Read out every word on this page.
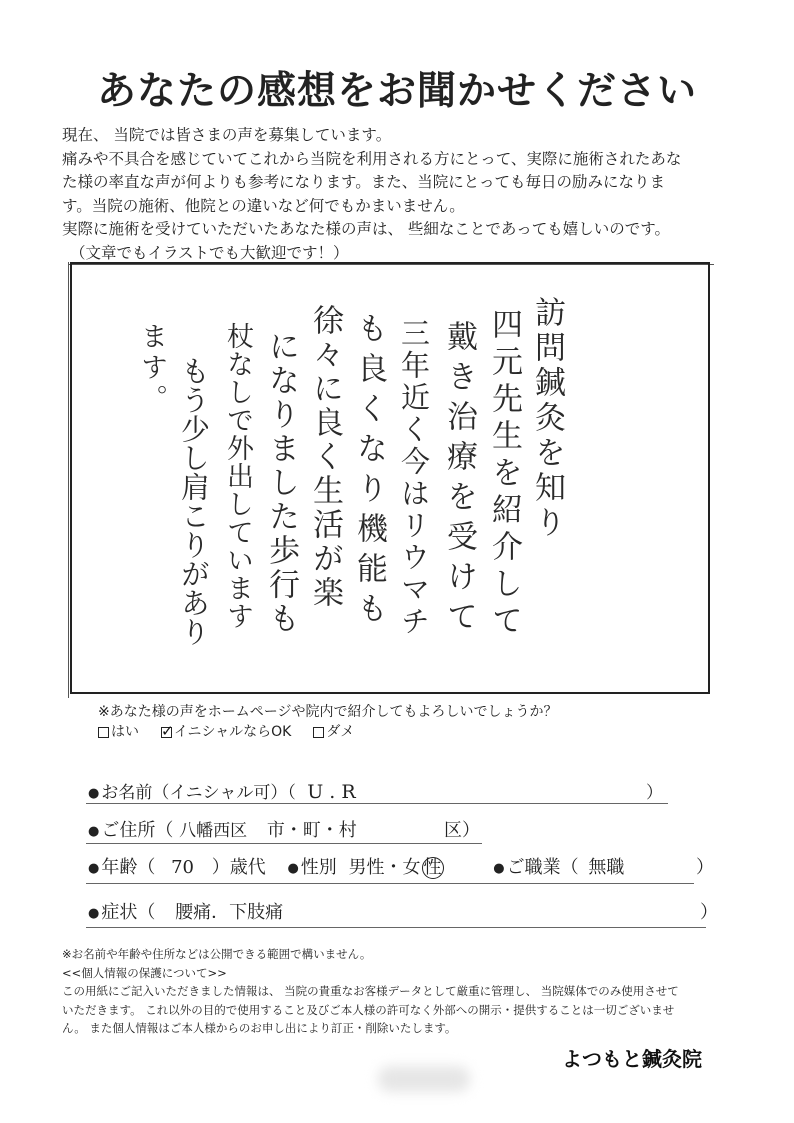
あなたの感想をお聞かせください
現在、 当院では皆さまの声を募集しています。
痛みや不具合を感じていてこれから当院を利用される方にとって、実際に施術されたあな
た様の率直な声が何よりも参考になります。また、当院にとっても毎日の励みになりま
す。当院の施術、他院との違いなど何でもかまいません。
実際に施術を受けていただいたあなた様の声は、 些細なことであっても嬉しいのです。
（文章でもイラストでも大歓迎です！）
訪問鍼灸を知り
四元先生を紹介して
戴き治療を受けて
三年近く今はリウマチ
も良くなり機能も
徐々に良く生活が楽
になりました歩行も
杖なしで外出しています
もう少し肩こりがあり
ます。
※あなた様の声をホームページや院内で紹介してもよろしいでしょうか？
はい
✓	イニシャルならOK	ダメ
● お名前（イニシャル可）（ U . R	）
● ご住所（ 八幡西区 市・町・村	区）
● 年齢（ 70 ）歳代 ● 性別 男性・女 性	● ご職業（ 無職	）
● 症状（ 腰痛．下肢痛	）
※お名前や年齢や住所などは公開できる範囲で構いません。
<<個人情報の保護について>>
この用紙にご記入いただきました情報は、 当院の貴重なお客様データとして厳重に管理し、 当院媒体でのみ使用させて
いただきます。 これ以外の目的で使用すること及びご本人様の許可なく外部への開示・提供することは一切ございませ
ん。 また個人情報はご本人様からのお申し出により訂正・削除いたします。
よつもと鍼灸院
